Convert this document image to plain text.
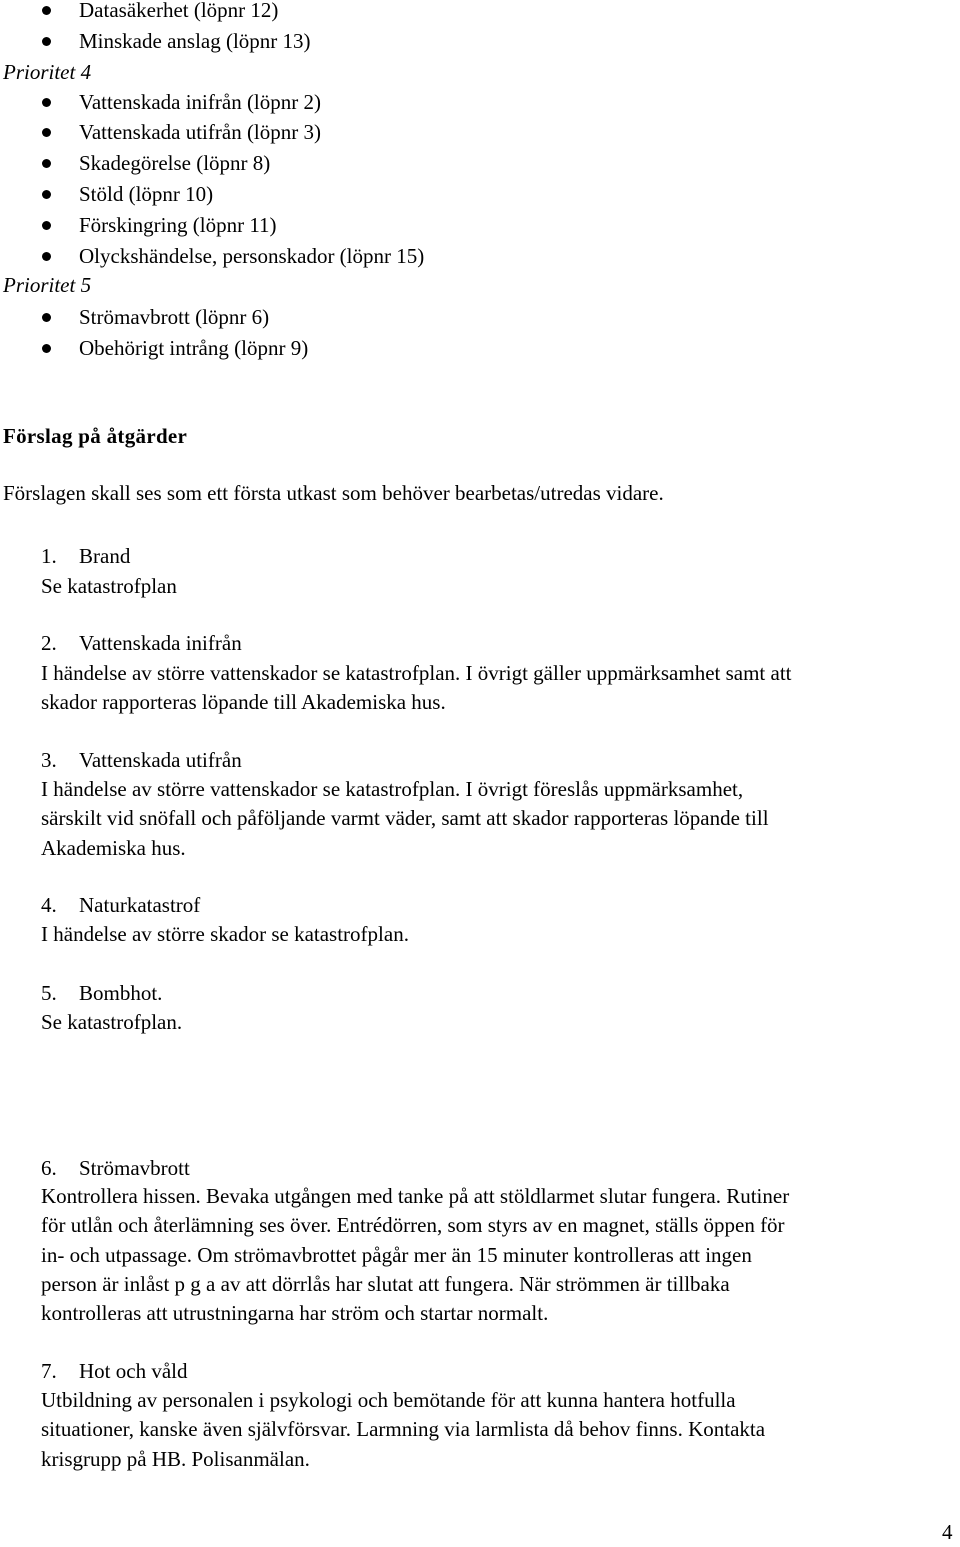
Datasäkerhet (löpnr 12)
Minskade anslag (löpnr 13)
Prioritet 4
Vattenskada inifrån (löpnr 2)
Vattenskada utifrån (löpnr 3)
Skadegörelse (löpnr 8)
Stöld (löpnr 10)
Förskingring (löpnr 11)
Olyckshändelse, personskador (löpnr 15)
Prioritet 5
Strömavbrott (löpnr 6)
Obehörigt intrång (löpnr 9)
Förslag på åtgärder
Förslagen skall ses som ett första utkast som behöver bearbetas/utredas vidare.
1. Brand
Se katastrofplan
2. Vattenskada inifrån
I händelse av större vattenskador se katastrofplan. I övrigt gäller uppmärksamhet samt att
skador rapporteras löpande till Akademiska hus.
3. Vattenskada utifrån
I händelse av större vattenskador se katastrofplan. I övrigt föreslås uppmärksamhet,
särskilt vid snöfall och påföljande varmt väder, samt att skador rapporteras löpande till
Akademiska hus.
4. Naturkatastrof
I händelse av större skador se katastrofplan.
5. Bombhot.
Se katastrofplan.
6. Strömavbrott
Kontrollera hissen. Bevaka utgången med tanke på att stöldlarmet slutar fungera. Rutiner
för utlån och återlämning ses över. Entrédörren, som styrs av en magnet, ställs öppen för
in- och utpassage. Om strömavbrottet pågår mer än 15 minuter kontrolleras att ingen
person är inlåst p g a av att dörrlås har slutat att fungera. När strömmen är tillbaka
kontrolleras att utrustningarna har ström och startar normalt.
7. Hot och våld
Utbildning av personalen i psykologi och bemötande för att kunna hantera hotfulla
situationer, kanske även självförsvar. Larmning via larmlista då behov finns. Kontakta
krisgrupp på HB. Polisanmälan.
4
